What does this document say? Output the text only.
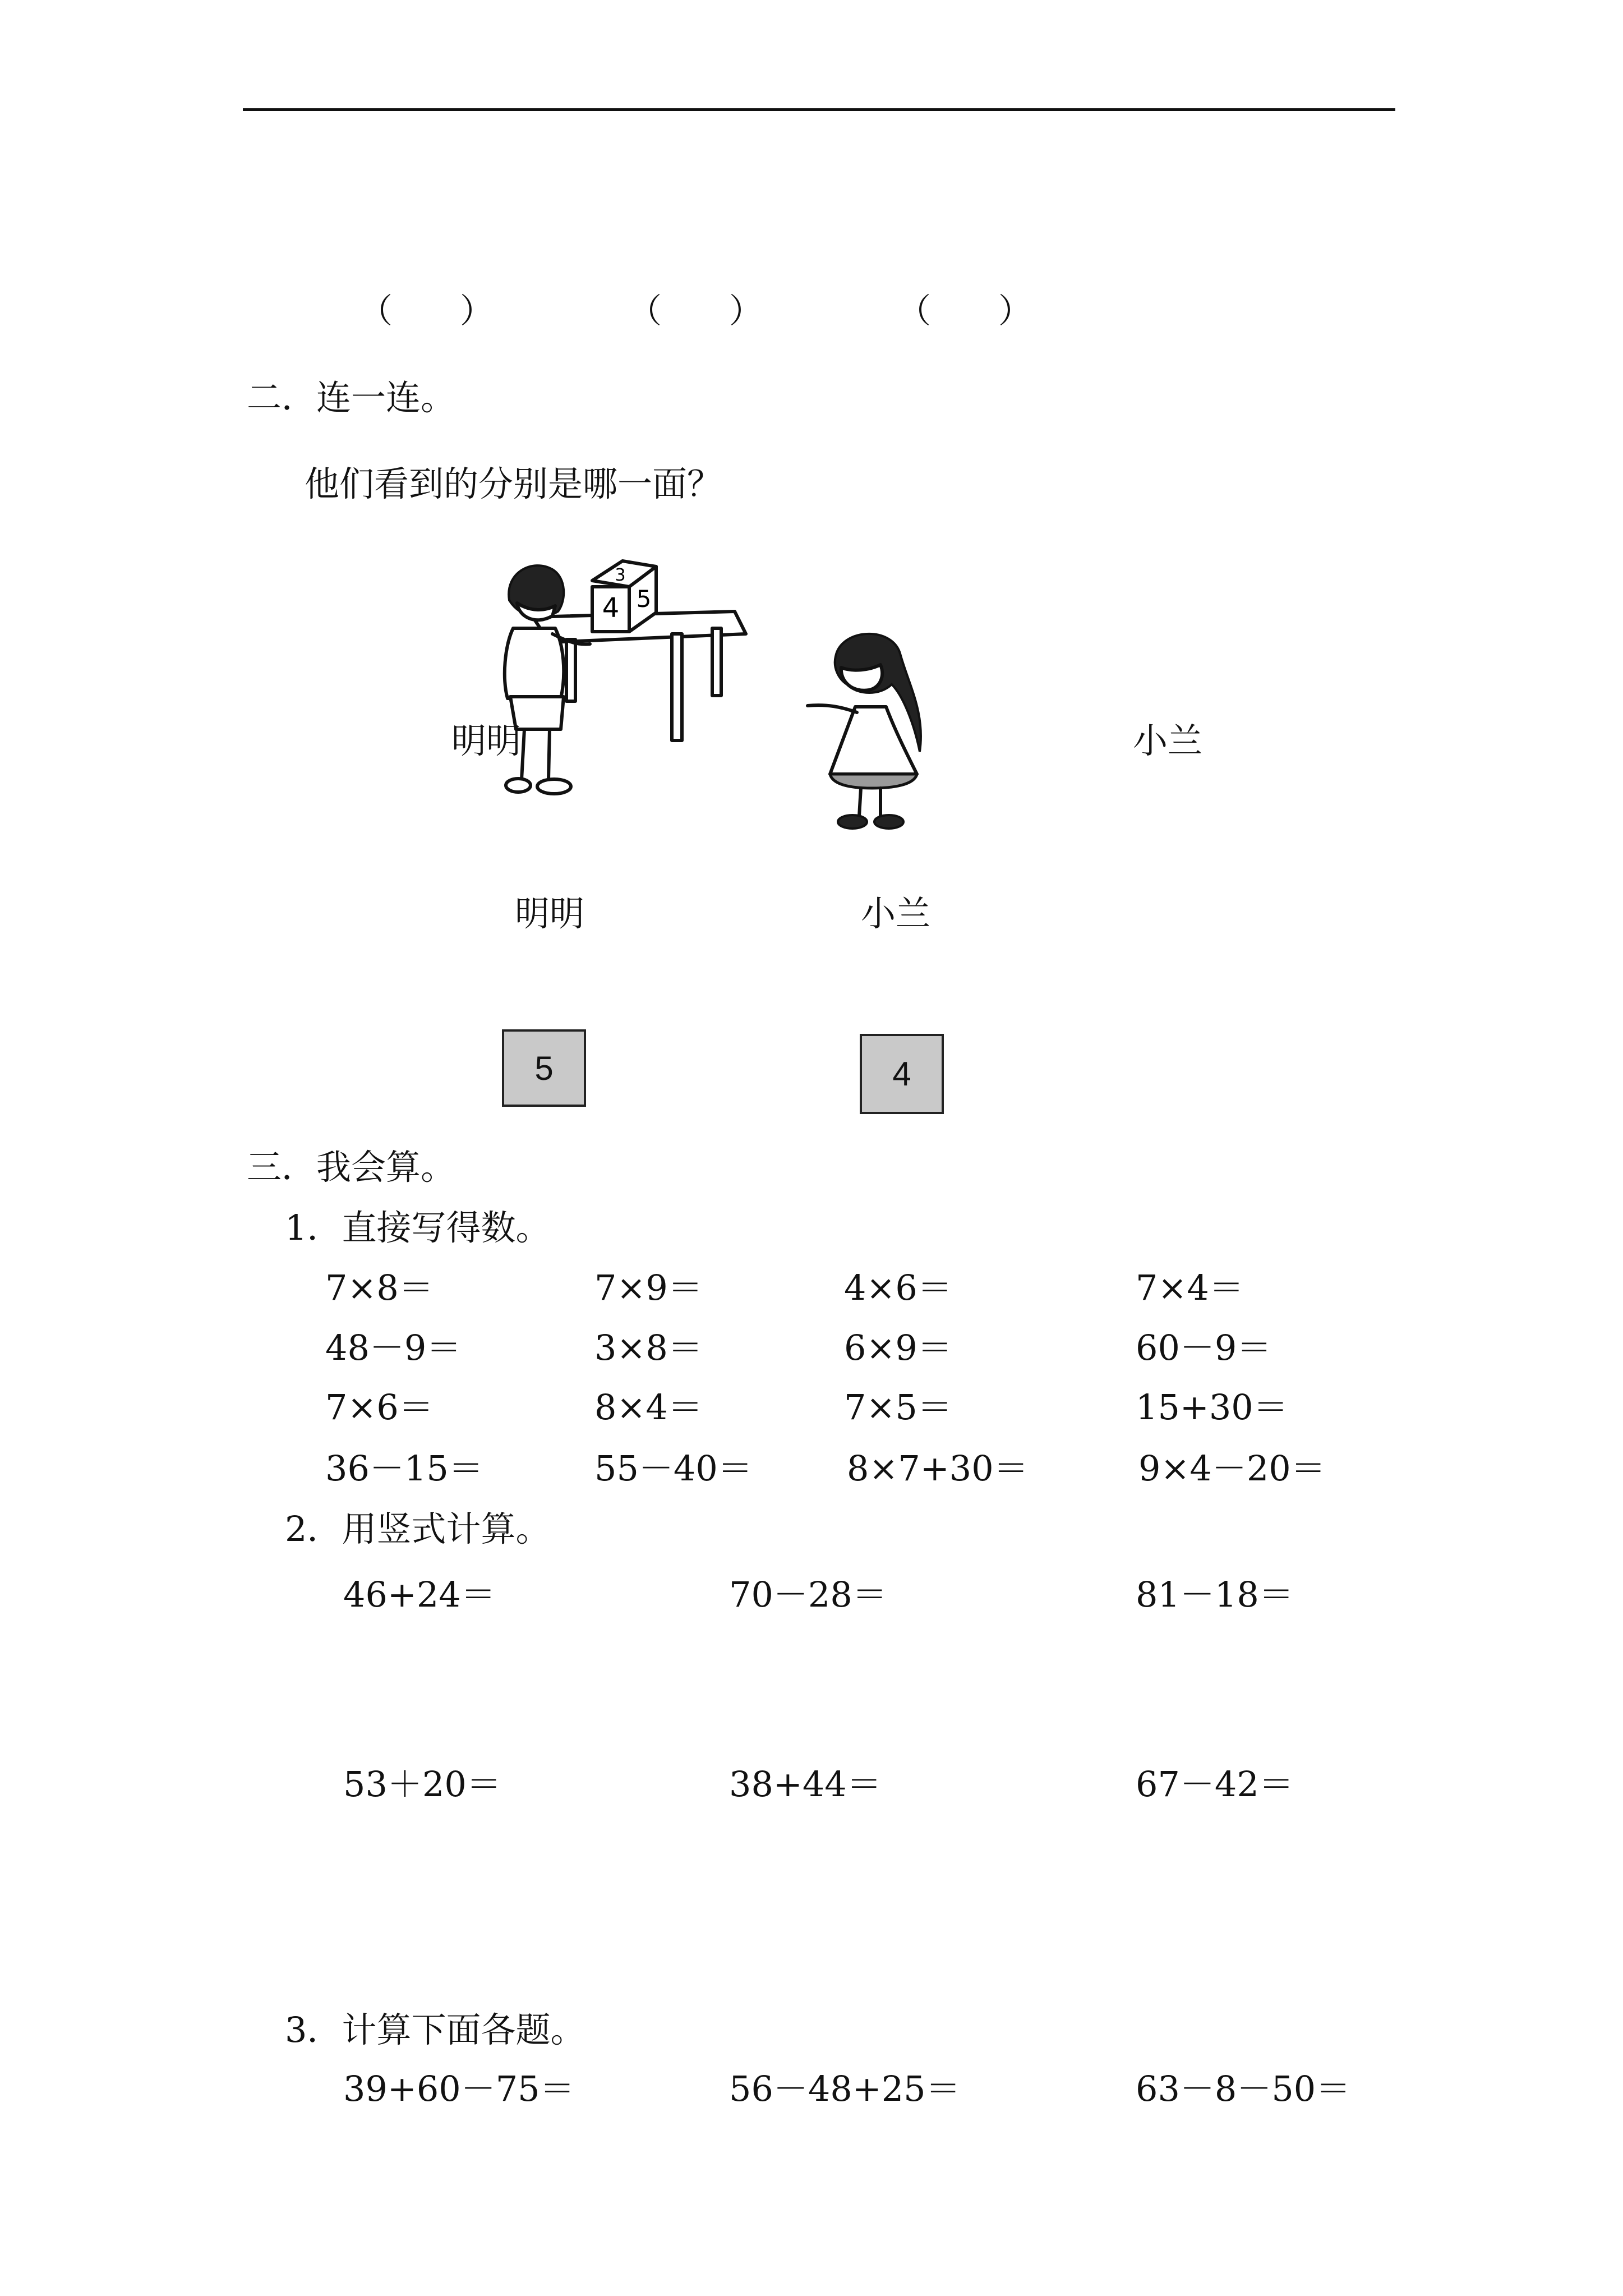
（　　）	（　　）	（　　）
二．连一连。
他们看到的分别是哪一面？
3
4 5
明明	小兰
明明	小兰
5	4
三．我会算。
1．直接写得数。
7×8＝	7×9＝	4×6＝	7×4＝
48－9＝	3×8＝	6×9＝	60－9＝
7×6＝	8×4＝	7×5＝	15+30＝
36－15＝	55－40＝	8×7+30＝	9×4－20＝
2．用竖式计算。
46+24＝	70－28＝	81－18＝
53＋20＝	38+44＝	67－42＝
3．计算下面各题。
39+60－75＝	56－48+25＝	63－8－50＝
